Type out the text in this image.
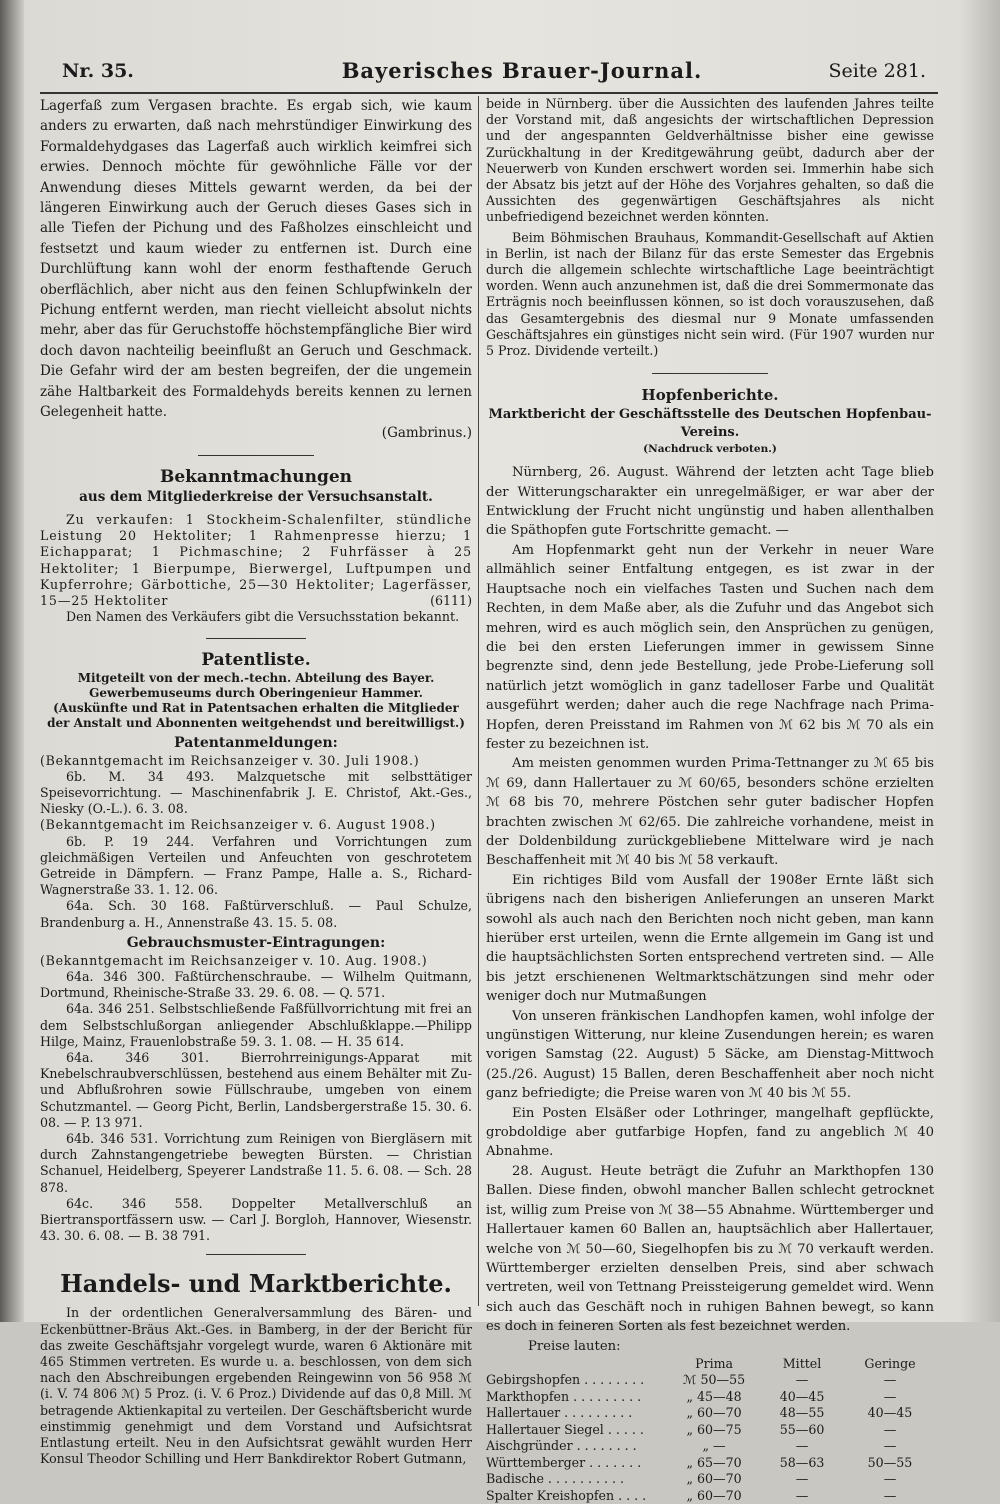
Nr. 35.	Bayerisches Brauer-Journal.	Seite 281.

Lagerfaß zum Vergasen brachte. Es ergab sich, wie kaum anders zu erwarten, daß nach mehrstündiger Einwirkung des Formaldehydgases das Lagerfaß auch wirklich keimfrei sich erwies. Dennoch möchte für gewöhnliche Fälle vor der Anwendung dieses Mittels gewarnt werden, da bei der längeren Einwirkung auch der Geruch dieses Gases sich in alle Tiefen der Pichung und des Faßholzes einschleicht und festsetzt und kaum wieder zu entfernen ist. Durch eine Durchlüftung kann wohl der enorm festhaftende Geruch oberflächlich, aber nicht aus den feinen Schlupfwinkeln der Pichung entfernt werden, man riecht vielleicht absolut nichts mehr, aber das für Geruchstoffe höchstempfängliche Bier wird doch davon nachteilig beeinflußt an Geruch und Geschmack. Die Gefahr wird der am besten begreifen, der die ungemein zähe Haltbarkeit des Formaldehyds bereits kennen zu lernen Gelegenheit hatte.

(Gambrinus.)

Bekanntmachungen
aus dem Mitgliederkreise der Versuchsanstalt.

Zu verkaufen: 1 Stockheim-Schalenfilter, stündliche Leistung 20 Hektoliter; 1 Rahmenpresse hierzu; 1 Eichapparat; 1 Pichmaschine; 2 Fuhrfässer à 25 Hektoliter; 1 Bierpumpe, Bierwergel, Luftpumpen und Kupferrohre; Gärbottiche, 25—30 Hektoliter; Lagerfässer, 15—25 Hektoliter	(6111)

Den Namen des Verkäufers gibt die Versuchsstation bekannt.

Patentliste.
Mitgeteilt von der mech.-techn. Abteilung des Bayer. Gewerbemuseums durch Oberingenieur Hammer.
(Auskünfte und Rat in Patentsachen erhalten die Mitglieder der Anstalt und Abonnenten weitgehendst und bereitwilligst.)
Patentanmeldungen:

(Bekanntgemacht im Reichsanzeiger v. 30. Juli 1908.)

6b. M. 34 493. Malzquetsche mit selbsttätiger Speisevorrichtung. — Maschinenfabrik J. E. Christof, Akt.-Ges., Niesky (O.-L.). 6. 3. 08.

(Bekanntgemacht im Reichsanzeiger v. 6. August 1908.)

6b. P. 19 244. Verfahren und Vorrichtungen zum gleichmäßigen Verteilen und Anfeuchten von geschrotetem Getreide in Dämpfern. — Franz Pampe, Halle a. S., Richard-Wagnerstraße 33. 1. 12. 06.

64a. Sch. 30 168. Faßtürverschluß. — Paul Schulze, Brandenburg a. H., Annenstraße 43. 15. 5. 08.

Gebrauchsmuster-Eintragungen:

(Bekanntgemacht im Reichsanzeiger v. 10. Aug. 1908.)

64a. 346 300. Faßtürchenschraube. — Wilhelm Quitmann, Dortmund, Rheinische-Straße 33. 29. 6. 08. — Q. 571.

64a. 346 251. Selbstschließende Faßfüllvorrichtung mit frei an dem Selbstschlußorgan anliegender Abschlußklappe.—Philipp Hilge, Mainz, Frauenlobstraße 59. 3. 1. 08. — H. 35 614.

64a. 346 301. Bierrohrreinigungs-Apparat mit Knebelschraubverschlüssen, bestehend aus einem Behälter mit Zu- und Abflußrohren sowie Füllschraube, umgeben von einem Schutzmantel. — Georg Picht, Berlin, Landsbergerstraße 15. 30. 6. 08. — P. 13 971.

64b. 346 531. Vorrichtung zum Reinigen von Biergläsern mit durch Zahnstangengetriebe bewegten Bürsten. — Christian Schanuel, Heidelberg, Speyerer Landstraße 11. 5. 6. 08. — Sch. 28 878.

64c. 346 558. Doppelter Metallverschluß an Biertransportfässern usw. — Carl J. Borgloh, Hannover, Wiesenstr. 43. 30. 6. 08. — B. 38 791.

Handels- und Marktberichte.

In der ordentlichen Generalversammlung des Bären- und Eckenbüttner-Bräus Akt.-Ges. in Bamberg, in der der Bericht für das zweite Geschäftsjahr vorgelegt wurde, waren 6 Aktionäre mit 465 Stimmen vertreten. Es wurde u. a. beschlossen, von dem sich nach den Abschreibungen ergebenden Reingewinn von 56 958 ℳ (i. V. 74 806 ℳ) 5 Proz. (i. V. 6 Proz.) Dividende auf das 0,8 Mill. ℳ betragende Aktienkapital zu verteilen. Der Geschäftsbericht wurde einstimmig genehmigt und dem Vorstand und Aufsichtsrat Entlastung erteilt. Neu in den Aufsichtsrat gewählt wurden Herr Konsul Theodor Schilling und Herr Bankdirektor Robert Gutmann,

beide in Nürnberg. über die Aussichten des laufenden Jahres teilte der Vorstand mit, daß angesichts der wirtschaftlichen Depression und der angespannten Geldverhältnisse bisher eine gewisse Zurückhaltung in der Kreditgewährung geübt, dadurch aber der Neuerwerb von Kunden erschwert worden sei. Immerhin habe sich der Absatz bis jetzt auf der Höhe des Vorjahres gehalten, so daß die Aussichten des gegenwärtigen Geschäftsjahres als nicht unbefriedigend bezeichnet werden könnten.

Beim Böhmischen Brauhaus, Kommandit-Gesellschaft auf Aktien in Berlin, ist nach der Bilanz für das erste Semester das Ergebnis durch die allgemein schlechte wirtschaftliche Lage beeinträchtigt worden. Wenn auch anzunehmen ist, daß die drei Sommermonate das Erträgnis noch beeinflussen können, so ist doch vorauszusehen, daß das Gesamtergebnis des diesmal nur 9 Monate umfassenden Geschäftsjahres ein günstiges nicht sein wird. (Für 1907 wurden nur 5 Proz. Dividende verteilt.)

Hopfenberichte.
Marktbericht der Geschäftsstelle des Deutschen Hopfenbau-Vereins.
(Nachdruck verboten.)

Nürnberg, 26. August. Während der letzten acht Tage blieb der Witterungscharakter ein unregelmäßiger, er war aber der Entwicklung der Frucht nicht ungünstig und haben allenthalben die Späthopfen gute Fortschritte gemacht. —

Am Hopfenmarkt geht nun der Verkehr in neuer Ware allmählich seiner Entfaltung entgegen, es ist zwar in der Hauptsache noch ein vielfaches Tasten und Suchen nach dem Rechten, in dem Maße aber, als die Zufuhr und das Angebot sich mehren, wird es auch möglich sein, den Ansprüchen zu genügen, die bei den ersten Lieferungen immer in gewissem Sinne begrenzte sind, denn jede Bestellung, jede Probe-Lieferung soll natürlich jetzt womöglich in ganz tadelloser Farbe und Qualität ausgeführt werden; daher auch die rege Nachfrage nach Prima-Hopfen, deren Preisstand im Rahmen von ℳ 62 bis ℳ 70 als ein fester zu bezeichnen ist.

Am meisten genommen wurden Prima-Tettnanger zu ℳ 65 bis ℳ 69, dann Hallertauer zu ℳ 60/65, besonders schöne erzielten ℳ 68 bis 70, mehrere Pöstchen sehr guter badischer Hopfen brachten zwischen ℳ 62/65. Die zahlreiche vorhandene, meist in der Doldenbildung zurückgebliebene Mittelware wird je nach Beschaffenheit mit ℳ 40 bis ℳ 58 verkauft.

Ein richtiges Bild vom Ausfall der 1908er Ernte läßt sich übrigens nach den bisherigen Anlieferungen an unseren Markt sowohl als auch nach den Berichten noch nicht geben, man kann hierüber erst urteilen, wenn die Ernte allgemein im Gang ist und die hauptsächlichsten Sorten entsprechend vertreten sind. — Alle bis jetzt erschienenen Weltmarktschätzungen sind mehr oder weniger doch nur Mutmaßungen

Von unseren fränkischen Landhopfen kamen, wohl infolge der ungünstigen Witterung, nur kleine Zusendungen herein; es waren vorigen Samstag (22. August) 5 Säcke, am Dienstag-Mittwoch (25./26. August) 15 Ballen, deren Beschaffenheit aber noch nicht ganz befriedigte; die Preise waren von ℳ 40 bis ℳ 55.

Ein Posten Elsäßer oder Lothringer, mangelhaft gepflückte, grobdoldige aber gutfarbige Hopfen, fand zu angeblich ℳ 40 Abnahme.

28. August. Heute beträgt die Zufuhr an Markthopfen 130 Ballen. Diese finden, obwohl mancher Ballen schlecht getrocknet ist, willig zum Preise von ℳ 38—55 Abnahme. Württemberger und Hallertauer kamen 60 Ballen an, hauptsächlich aber Hallertauer, welche von ℳ 50—60, Siegelhopfen bis zu ℳ 70 verkauft werden. Württemberger erzielten denselben Preis, sind aber schwach vertreten, weil von Tettnang Preissteigerung gemeldet wird. Wenn sich auch das Geschäft noch in ruhigen Bahnen bewegt, so kann es doch in feineren Sorten als fest bezeichnet werden.

Preise lauten:

	Prima	Mittel	Geringe
Gebirgshopfen . . . . . . . .	ℳ 50—55	—	—
Markthopfen . . . . . . . . .	„ 45—48	40—45	—
Hallertauer . . . . . . . . .	„ 60—70	48—55	40—45
Hallertauer Siegel . . . . .	„ 60—75	55—60	—
Aischgründer . . . . . . . .	„ —	—	—
Württemberger . . . . . . .	„ 65—70	58—63	50—55
Badische . . . . . . . . . .	„ 60—70	—	—
Spalter Kreishopfen . . . .	„ 60—70	—	—
